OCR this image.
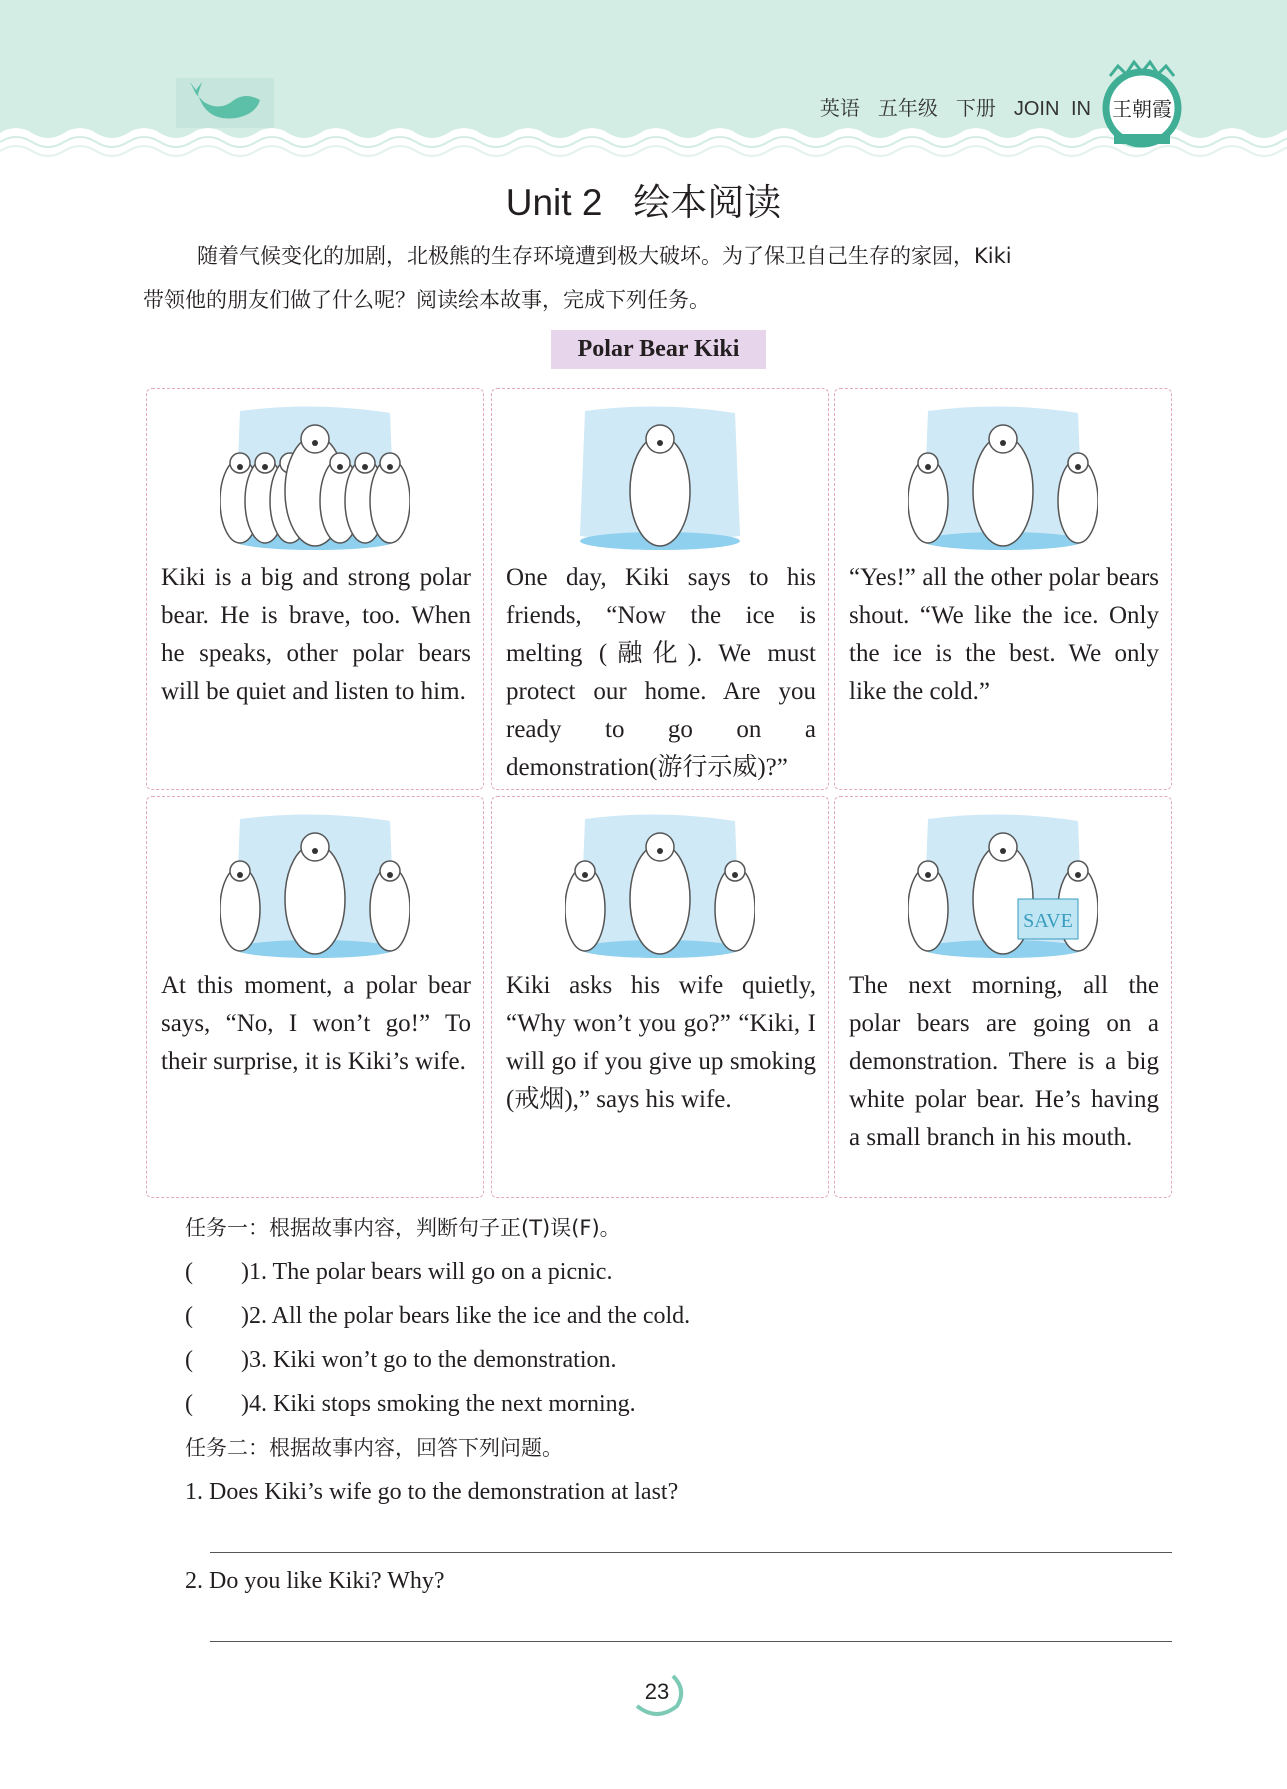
英语 五年级 下册 JOIN IN 王朝霞
Unit 2   绘本阅读
随着气候变化的加剧，北极熊的生存环境遭到极大破坏。为了保卫自己生存的家园，Kiki
带领他的朋友们做了什么呢？阅读绘本故事，完成下列任务。
Polar Bear Kiki
Kiki is a big and strong polar bear. He is brave, too. When he speaks, other polar bears will be quiet and listen to him.
One day, Kiki says to his friends, “Now the ice is melting (融化). We must protect our home. Are you ready to go on a demonstration(游行示威)?”
“Yes!” all the other polar bears shout. “We like the ice. Only the ice is the best. We only like the cold.”
At this moment, a polar bear says, “No, I won’t go!” To their surprise, it is Kiki’s wife.
Kiki asks his wife quietly, “Why won’t you go?” “Kiki, I will go if you give up smoking (戒烟),” says his wife.
SAVE
The next morning, all the polar bears are going on a demonstration. There is a big white polar bear. He’s having a small branch in his mouth.
任务一：根据故事内容，判断句子正(T)误(F)。
(　　)1. The polar bears will go on a picnic.
(　　)2. All the polar bears like the ice and the cold.
(　　)3. Kiki won’t go to the demonstration.
(　　)4. Kiki stops smoking the next morning.
任务二：根据故事内容，回答下列问题。
1. Does Kiki’s wife go to the demonstration at last?
2. Do you like Kiki? Why?
23
